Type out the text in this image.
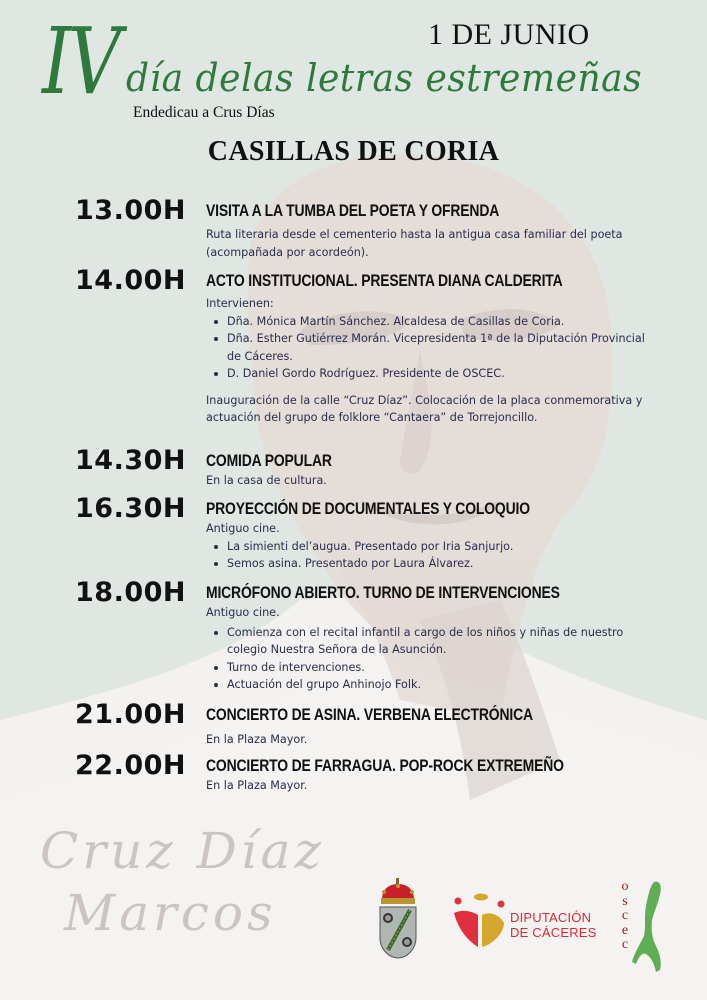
IV	1 DE JUNIO
día delas letras estremeñas
Endedicau a Crus Días
CASILLAS DE CORIA
13.00H VISITA A LA TUMBA DEL POETA Y OFRENDA

Ruta literaria desde el cementerio hasta la antigua casa familiar del poeta (acompañada por acordeón).

14.00H ACTO INSTITUCIONAL. PRESENTA DIANA CALDERITA

Intervienen:

Dña. Mónica Martín Sánchez. Alcaldesa de Casillas de Coria.
Dña. Esther Gutiérrez Morán. Vicepresidenta 1ª de la Diputación Provincial de Cáceres.
D. Daniel Gordo Rodríguez. Presidente de OSCEC.

Inauguración de la calle “Cruz Díaz”. Colocación de la placa conmemorativa y actuación del grupo de folklore “Cantaera” de Torrejoncillo.

14.30H COMIDA POPULAR

En la casa de cultura.

16.30H PROYECCIÓN DE DOCUMENTALES Y COLOQUIO

Antiguo cine.

La simienti del’augua. Presentado por Iria Sanjurjo.
Semos asina. Presentado por Laura Álvarez.
18.00H MICRÓFONO ABIERTO. TURNO DE INTERVENCIONES

Antiguo cine.

Comienza con el recital infantil a cargo de los niños y niñas de nuestro colegio Nuestra Señora de la Asunción.
Turno de intervenciones.
Actuación del grupo Anhinojo Folk.
21.00H CONCIERTO DE ASINA. VERBENA ELECTRÓNICA

En la Plaza Mayor.

22.00H CONCIERTO DE FARRAGUA. POP-ROCK EXTREMEÑO

En la Plaza Mayor.

Cruz Díaz
Marcos	DIPUTACIÓN
DE CÁCERES
o
s
c
e
c
